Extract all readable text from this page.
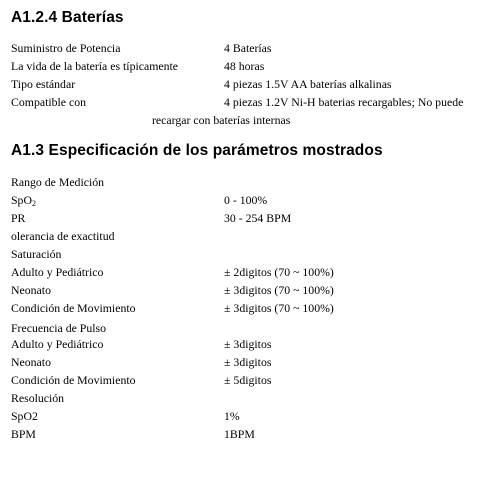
A1.2.4 Baterías
Suministro de Potencia	4 Baterías
La vida de la batería es típicamente	48 horas
Tipo estándar	4 piezas 1.5V AA baterías alkalinas
Compatible con	4 piezas 1.2V Ni-H baterias recargables; No puede
recargar con baterías internas
A1.3 Especificación de los parámetros mostrados
Rango de Medición
SpO$_2$	0 - 100%
PR	30 - 254 BPM
olerancia de exactitud
Saturación
Adulto y Pediátrico	± 2digitos (70 ~ 100%)
Neonato	± 3digitos (70 ~ 100%)
Condición de Movimiento	± 3digitos (70 ~ 100%)
Frecuencia de Pulso
Adulto y Pediátrico	± 3digitos
Neonato	± 3digitos
Condición de Movimiento	± 5digitos
Resolución
SpO2	1%
BPM	1BPM
